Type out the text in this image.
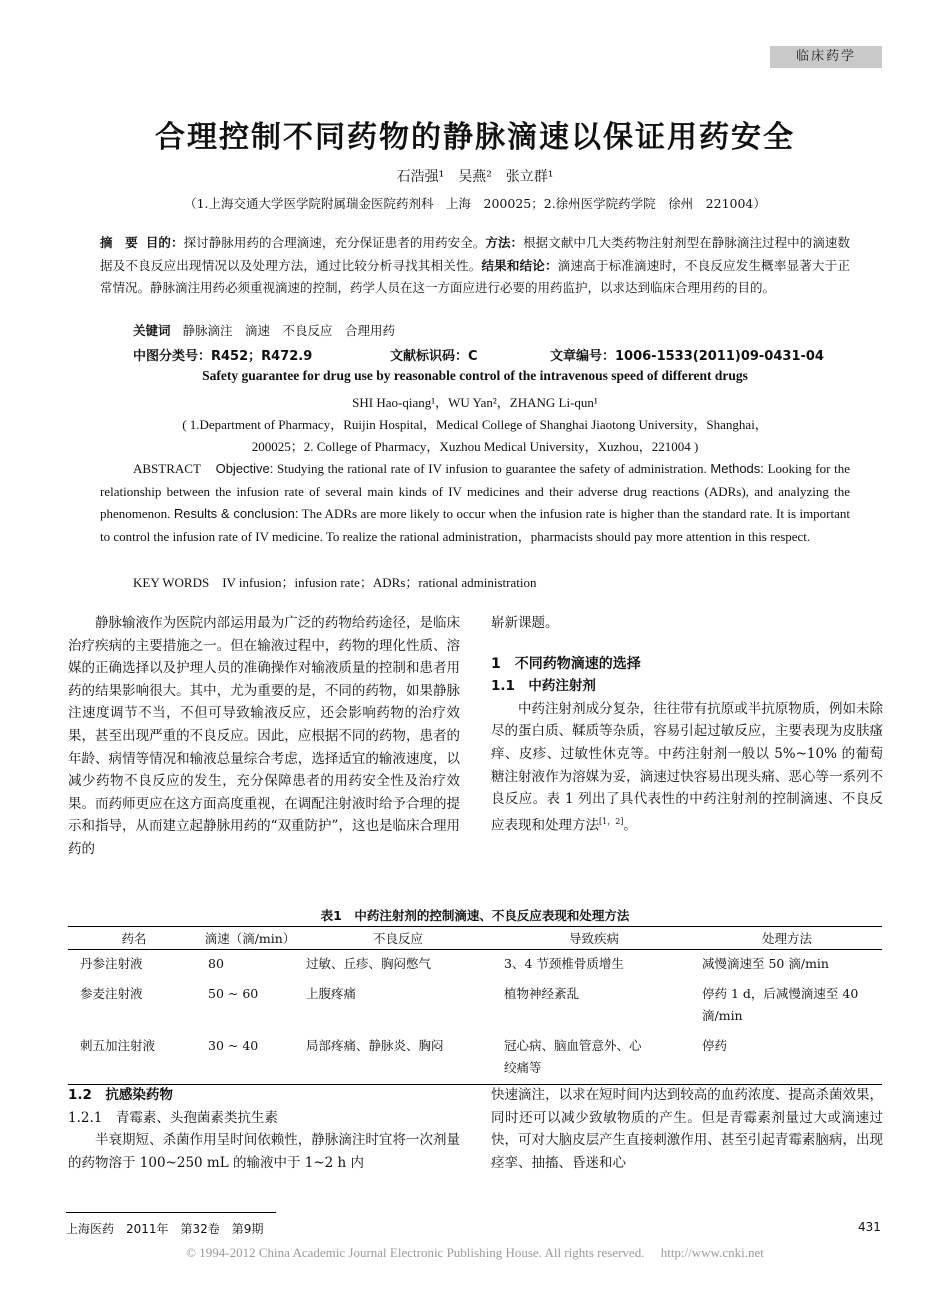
临床药学
合理控制不同药物的静脉滴速以保证用药安全
石浩强¹　吴燕²　张立群¹
（1.上海交通大学医学院附属瑞金医院药剂科　上海　200025；2.徐州医学院药学院　徐州　221004）
摘　要 目的：探讨静脉用药的合理滴速，充分保证患者的用药安全。方法：根据文献中几大类药物注射剂型在静脉滴注过程中的滴速数据及不良反应出现情况以及处理方法，通过比较分析寻找其相关性。结果和结论：滴速高于标准滴速时，不良反应发生概率显著大于正常情况。静脉滴注用药必须重视滴速的控制，药学人员在这一方面应进行必要的用药监护，以求达到临床合理用药的目的。
关键词 静脉滴注　滴速　不良反应　合理用药
中图分类号：R452；R472.9	文献标识码：C	文章编号：1006-1533(2011)09-0431-04
Safety guarantee for drug use by reasonable control of the intravenous speed of different drugs
SHI Hao-qiang¹，WU Yan²，ZHANG Li-qun¹
( 1.Department of Pharmacy，Ruijin Hospital，Medical College of Shanghai Jiaotong University，Shanghai，
200025；2. College of Pharmacy，Xuzhou Medical University，Xuzhou，221004 )
ABSTRACT Objective: Studying the rational rate of IV infusion to guarantee the safety of administration. Methods: Looking for the relationship between the infusion rate of several main kinds of IV medicines and their adverse drug reactions (ADRs), and analyzing the phenomenon. Results & conclusion: The ADRs are more likely to occur when the infusion rate is higher than the standard rate. It is important to control the infusion rate of IV medicine. To realize the rational administration，pharmacists should pay more attention in this respect.
KEY WORDS IV infusion；infusion rate；ADRs；rational administration

静脉输液作为医院内部运用最为广泛的药物给药途径，是临床治疗疾病的主要措施之一。但在输液过程中，药物的理化性质、溶媒的正确选择以及护理人员的准确操作对输液质量的控制和患者用药的结果影响很大。其中，尤为重要的是，不同的药物，如果静脉注速度调节不当，不但可导致输液反应，还会影响药物的治疗效果，甚至出现严重的不良反应。因此，应根据不同的药物，患者的年龄、病情等情况和输液总量综合考虑，选择适宜的输液速度，以减少药物不良反应的发生，充分保障患者的用药安全性及治疗效果。而药师更应在这方面高度重视，在调配注射液时给予合理的提示和指导，从而建立起静脉用药的“双重防护”，这也是临床合理用药的

崭新课题。
1　不同药物滴速的选择
1.1　中药注射剂

中药注射剂成分复杂，往往带有抗原或半抗原物质，例如未除尽的蛋白质、鞣质等杂质，容易引起过敏反应，主要表现为皮肤瘙痒、皮疹、过敏性休克等。中药注射剂一般以 5%~10% 的葡萄糖注射液作为溶媒为妥，滴速过快容易出现头痛、恶心等一系列不良反应。表 1 列出了具代表性的中药注射剂的控制滴速、不良反应表现和处理方法[1，2]。

表1　中药注射剂的控制滴速、不良反应表现和处理方法
药名	滴速（滴/min）	不良反应	导致疾病	处理方法
丹参注射液	80	过敏、丘疹、胸闷憋气	3、4 节颈椎骨质增生	减慢滴速至 50 滴/min
参麦注射液	50 ~ 60	上腹疼痛	植物神经紊乱	停药 1 d，后减慢滴速至 40 滴/min
刺五加注射液	30 ~ 40	局部疼痛、静脉炎、胸闷	冠心病、脑血管意外、心绞痛等	停药
1.2　抗感染药物
1.2.1　青霉素、头孢菌素类抗生素

半衰期短、杀菌作用呈时间依赖性，静脉滴注时宜将一次剂量的药物溶于 100~250 mL 的输液中于 1~2 h 内

快速滴注，以求在短时间内达到较高的血药浓度、提高杀菌效果，同时还可以减少致敏物质的产生。但是青霉素剂量过大或滴速过快，可对大脑皮层产生直接刺激作用、甚至引起青霉素脑病，出现痉挛、抽搐、昏迷和心
上海医药　2011年　第32卷　第9期	431
© 1994-2012 China Academic Journal Electronic Publishing House. All rights reserved.　 http://www.cnki.net
